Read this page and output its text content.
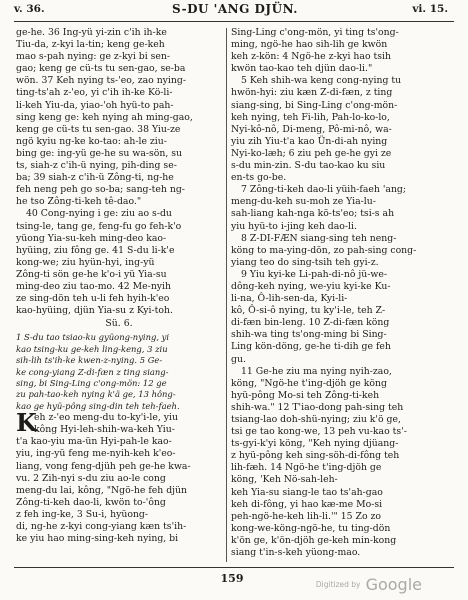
v. 36.	S-DU 'ANG DJÜN.	vi. 15.
ge-he. 36 Ing-yü yi-zin c'ih ih-ke
Tiu-da, z-kyi la-tin; keng ge-keh
mao s-pah nying: ge z-kyi bi sen-
gao; keng ge cü-ts tu sen-gao, se-ba
wön. 37 Keh nying ts-'eo, zao nying-
ting-ts'ah z-'eo, yi c'ih ih-ke Kö-li-
li-keh Yiu-da, yiao-'oh hyü-to pah-
sing keng ge: keh nying ah ming-gao,
keng ge cü-ts tu sen-gao. 38 Yiu-ze
ngö kyiu ng-ke ko-tao: ah-le ziu-
bing ge: ing-yü ge-he su wa-sön, su
ts, siah-z c'ih-ü nying, pih-ding se-
ba; 39 siah-z c'ih-ü Zông-ti, ng-he
feh neng peh go so-ba; sang-teh ng-
he tso Zông-ti-keh tê-dao."
40 Cong-nying i ge: ziu ao s-du
tsing-le, tang ge, feng-fu go feh-k'o
yüong Yia-su-keh ming-deo kao-
hyüing, ziu fông ge. 41 S-du li-k'e
kong-we; ziu hyün-hyi, ing-yü
Zông-ti sön ge-he k'o-i yü Yia-su
ming-deo ziu tao-mo. 42 Me-nyih
ze sing-dön teh u-li feh hyih-k'eo
kao-hyüing, djün Yia-su z Kyi-toh.
Sü. 6.
1 S-du tao tsiao-ku gyüong-nying, yi
kao tsing-ku ge-keh ling-keng, 3 ziu
sih-lih ts'ih-ke kwen-z-nying. 5 Ge-
ke cong-yiang Z-di-fæn z ting siang-
sing, bi Sing-Ling c'ong-mön: 12 ge
zu pah-tao-keh nying k'ä ge, 13 hông-
kao ge hyü-pông sing-din teh teh-faeh.
K
eh z-'eo meng-du to-ky'i-le, yiu
kông Hyi-leh-shih-wa-keh Yiu-
t'a kao-yiu ma-ün Hyi-pah-le kao-
yiu, ing-yü feng me-nyih-keh k'eo-
liang, vong feng-djüh peh ge-he kwa-
vu. 2 Zih-nyi s-du ziu ao-le cong
meng-du lai, kông, "Ngö-he feh djün
Zông-ti-keh dao-li, kwön to-'ông
z feh ing-ke, 3 Su-i, hyüong-
di, ng-he z-kyi cong-yiang kæn ts'ih-
ke yiu hao ming-sing-keh nying, bi
Sing-Ling c'ong-mön, yi ting ts'ong-
ming, ngö-he hao sih-lih ge kwön
keh z-kön: 4 Ngö-he z-kyi hao tsih
kwön tao-kao teh djün dao-li."
5 Keh shih-wa keng cong-nying tu
hwön-hyi: ziu kæn Z-di-fæn, z ting
siang-sing, bi Sing-Ling c'ong-mön-
keh nying, teh Fi-lih, Pah-lo-ko-lo,
Nyi-kô-nô, Di-meng, Pô-mi-nô, wa-
yiu zih Yiu-t'a kao Ün-di-ah nying
Nyi-ko-læh; 6 ziu peh ge-he gyi ze
s-du min-zin. S-du tao-kao ku siu
en-ts go-be.
7 Zông-ti-keh dao-li yüih-faeh 'ang;
meng-du-keh su-moh ze Yia-lu-
sah-liang kah-nga kö-ts'eo; tsi-s ah
yiu hyü-to i-jing keh dao-li.
8 Z-DI-FÆN siang-sing teh neng-
köng to ma-ying-dön, zo pah-sing cong-
yiang teo do sing-tsih teh gyi-z.
9 Yiu kyi-ke Li-pah-di-nô jü-we-
dông-keh nying, we-yiu kyi-ke Ku-
li-na, Ô-lih-sen-da, Kyi-li-
kô, Ô-si-ô nying, tu ky'i-le, teh Z-
di-fæn bin-leng. 10 Z-di-fæn köng
shih-wa ting ts'ong-ming bi Sing-
Ling kön-döng, ge-he ti-dih ge feh
gu.
11 Ge-he ziu ma nying nyih-zao,
köng, "Ngö-he t'ing-djöh ge köng
hyü-pông Mo-si teh Zông-ti-keh
shih-wa." 12 T'iao-dong pah-sing teh
tsiang-lao doh-shü-nying; ziu k'ö ge,
tsi ge tao kong-we, 13 peh vu-kao ts'-
ts-gyi-k'yi köng, "Keh nying djüang-
z hyü-pông keh sing-söh-di-fông teh
lih-fæh. 14 Ngö-he t'ing-djöh ge
köng, 'Keh Nö-sah-leh-
keh Yia-su siang-le tao ts'ah-gao
keh di-fông, yi hao kæ-me Mo-si
peh-ngö-he-keh lih-li.'" 15 Zo zo
kong-we-köng-ngö-he, tu ting-dön
k'ön ge, k'ön-djöh ge-keh min-kong
siang t'in-s-keh yüong-mao.
159	Digitized by Google
